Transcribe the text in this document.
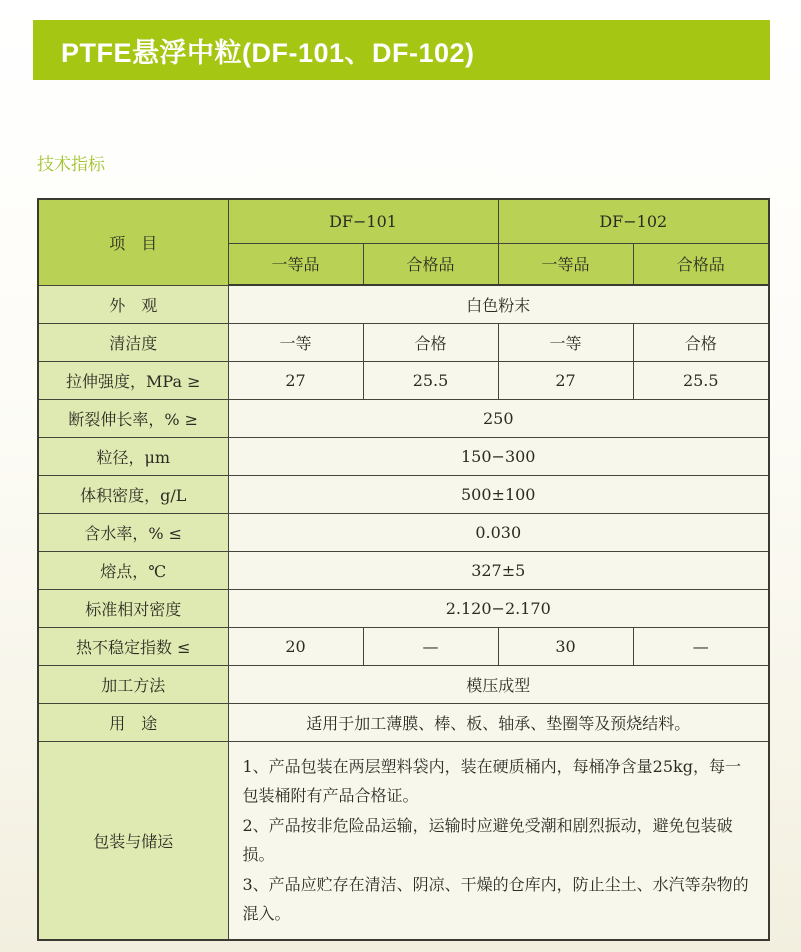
PTFE悬浮中粒(DF-101、DF-102)
技术指标
项　目	DF−101		DF−102	
	一等品	合格品	一等品	合格品
外　观	白色粉末			
清洁度	一等	合格	一等	合格
拉伸强度，MPa ≥	27	25.5	27	25.5
断裂伸长率，% ≥	250			
粒径，μm	150−300			
体积密度，g/L	500±100			
含水率，% ≤	0.030			
熔点，℃	327±5			
标准相对密度	2.120−2.170			
热不稳定指数 ≤	20	—	30	—
加工方法	模压成型			
用　途	适用于加工薄膜、棒、板、轴承、垫圈等及预烧结料。			
包装与储运	1、产品包装在两层塑料袋内，装在硬质桶内，每桶净含量25kg，每一包装桶附有产品合格证。
2、产品按非危险品运输，运输时应避免受潮和剧烈振动，避免包装破损。
3、产品应贮存在清洁、阴凉、干燥的仓库内，防止尘土、水汽等杂物的混入。			
